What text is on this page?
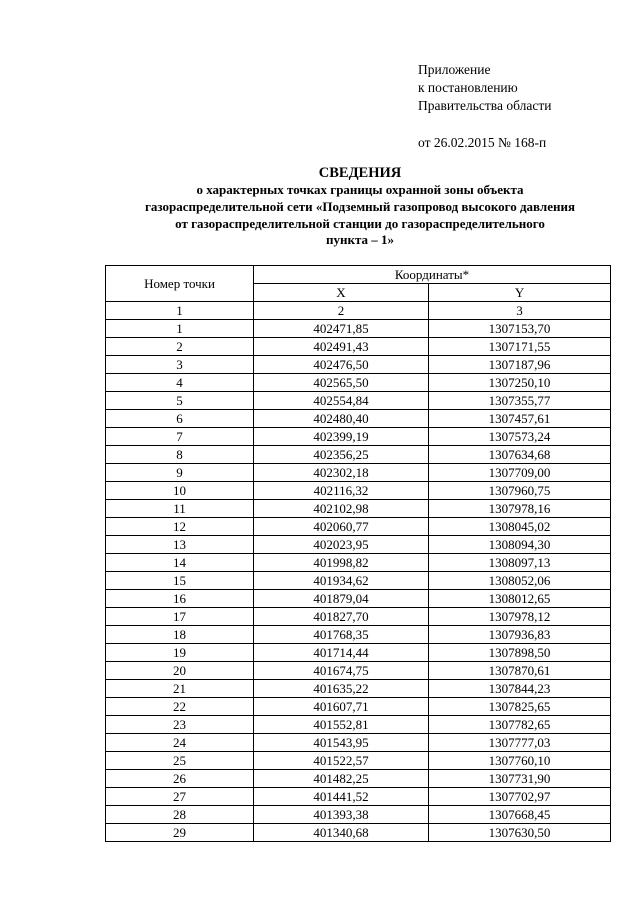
Приложение
к постановлению
Правительства области
от 26.02.2015 № 168-п
СВЕДЕНИЯ
о характерных точках границы охранной зоны объекта
газораспределительной сети «Подземный газопровод высокого давления
от газораспределительной станции до газораспределительного
пункта – 1»
Номер точки	Координаты*	
	X	Y
1	2	3
1	402471,85	1307153,70
2	402491,43	1307171,55
3	402476,50	1307187,96
4	402565,50	1307250,10
5	402554,84	1307355,77
6	402480,40	1307457,61
7	402399,19	1307573,24
8	402356,25	1307634,68
9	402302,18	1307709,00
10	402116,32	1307960,75
11	402102,98	1307978,16
12	402060,77	1308045,02
13	402023,95	1308094,30
14	401998,82	1308097,13
15	401934,62	1308052,06
16	401879,04	1308012,65
17	401827,70	1307978,12
18	401768,35	1307936,83
19	401714,44	1307898,50
20	401674,75	1307870,61
21	401635,22	1307844,23
22	401607,71	1307825,65
23	401552,81	1307782,65
24	401543,95	1307777,03
25	401522,57	1307760,10
26	401482,25	1307731,90
27	401441,52	1307702,97
28	401393,38	1307668,45
29	401340,68	1307630,50
